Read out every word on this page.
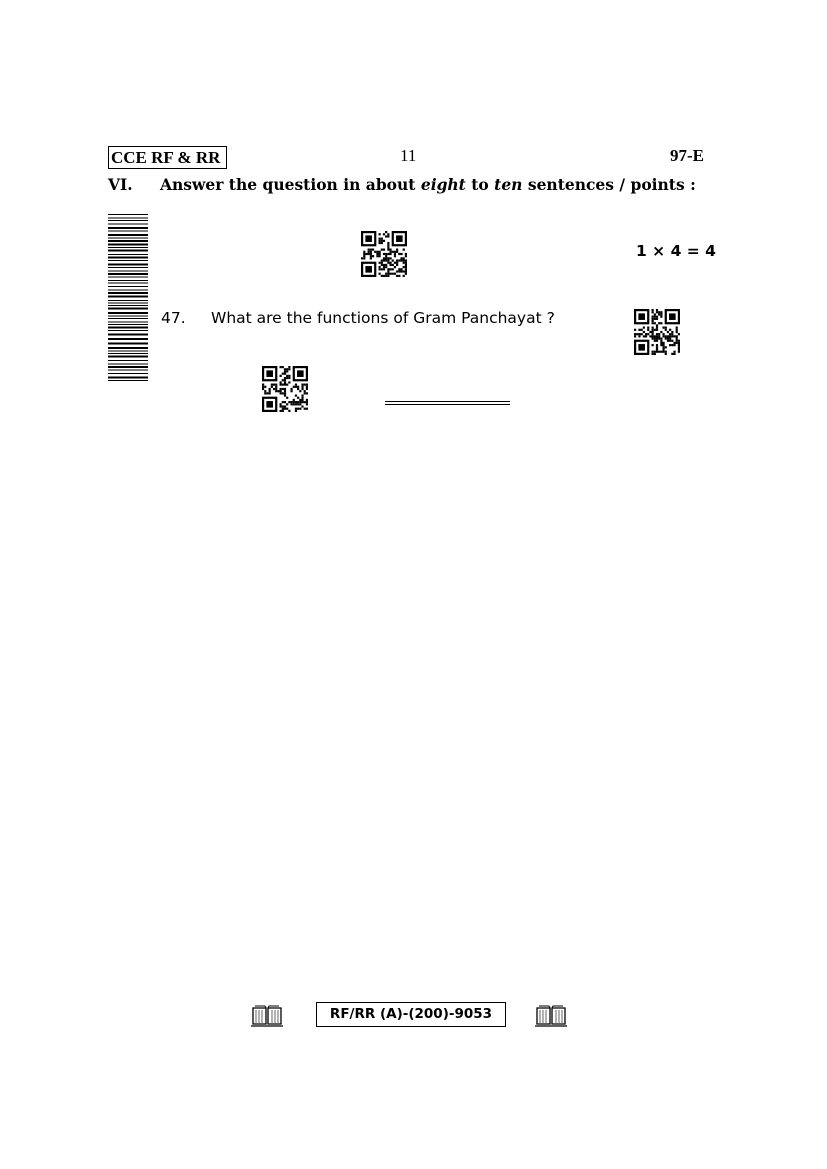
CCE RF & RR	11	97-E
VI. Answer the question in about eight to ten sentences / points :
1 × 4 = 4
47. What are the functions of Gram Panchayat ?
RF/RR (A)-(200)-9053
